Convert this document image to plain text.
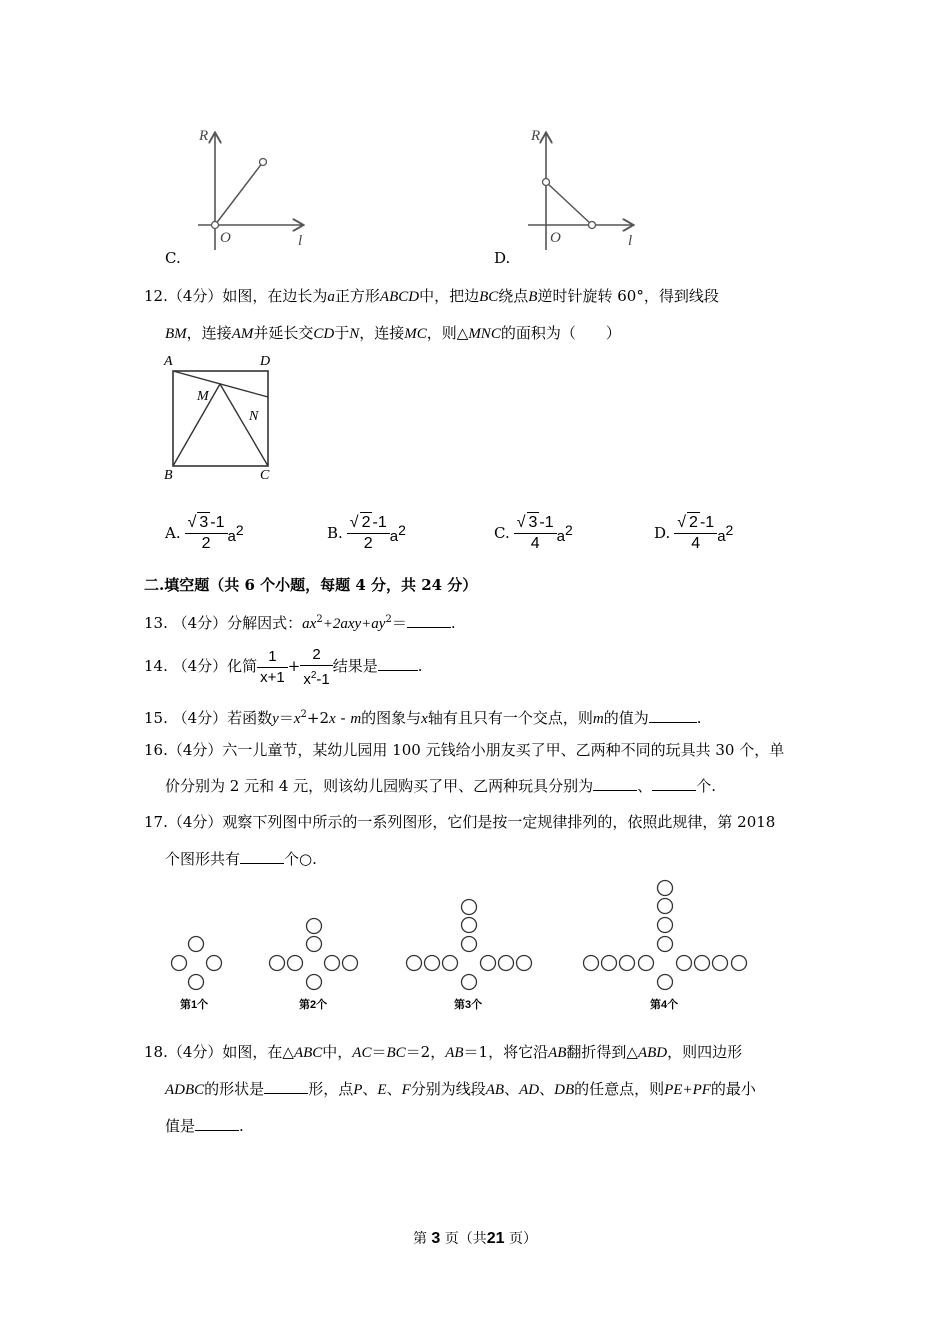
R
l
O
C.
R
l
O
D.
12.（4分）如图，在边长为a正方形ABCD中，把边BC绕点B逆时针旋转 60°，得到线段
BM，连接AM并延长交CD于N，连接MC，则△MNC的面积为（　　）
A	D
M
N
B	C
A. $\frac{√ 3 -1}{2} a^2$	B. $\frac{√ 2 -1}{2} a^2$	C. $\frac{√ 3 -1}{4} a^2$	D. $\frac{√ 2 -1}{4} a^2$
二.填空题（共 6 个小题，每题 4 分，共 24 分）
13. （4分）分解因式：$ax^2+2axy+ay^2=$	.
14. （4分）化简 $\frac{1}{x+1} + \frac{2}{x^2-1}$ 结果是	.
15. （4分）若函数$y=x^2+2x - m$的图象与x轴有且只有一个交点，则m的值为	.
16.（4分）六一儿童节，某幼儿园用 100 元钱给小朋友买了甲、乙两种不同的玩具共 30 个，单
价分别为 2 元和 4 元，则该幼儿园购买了甲、乙两种玩具分别为	、	个.
17.（4分）观察下列图中所示的一系列图形，它们是按一定规律排列的，依照此规律，第 2018
个图形共有	个○.
第1个	第2个	第3个	第4个
18.（4分）如图，在△ABC中，AC＝BC＝2，AB＝1，将它沿AB翻折得到△ABD，则四边形
ADBC的形状是	形，点P、E、F分别为线段AB、AD、DB的任意点，则PE+PF的最小
值是	.
第 3 页（共21 页）
